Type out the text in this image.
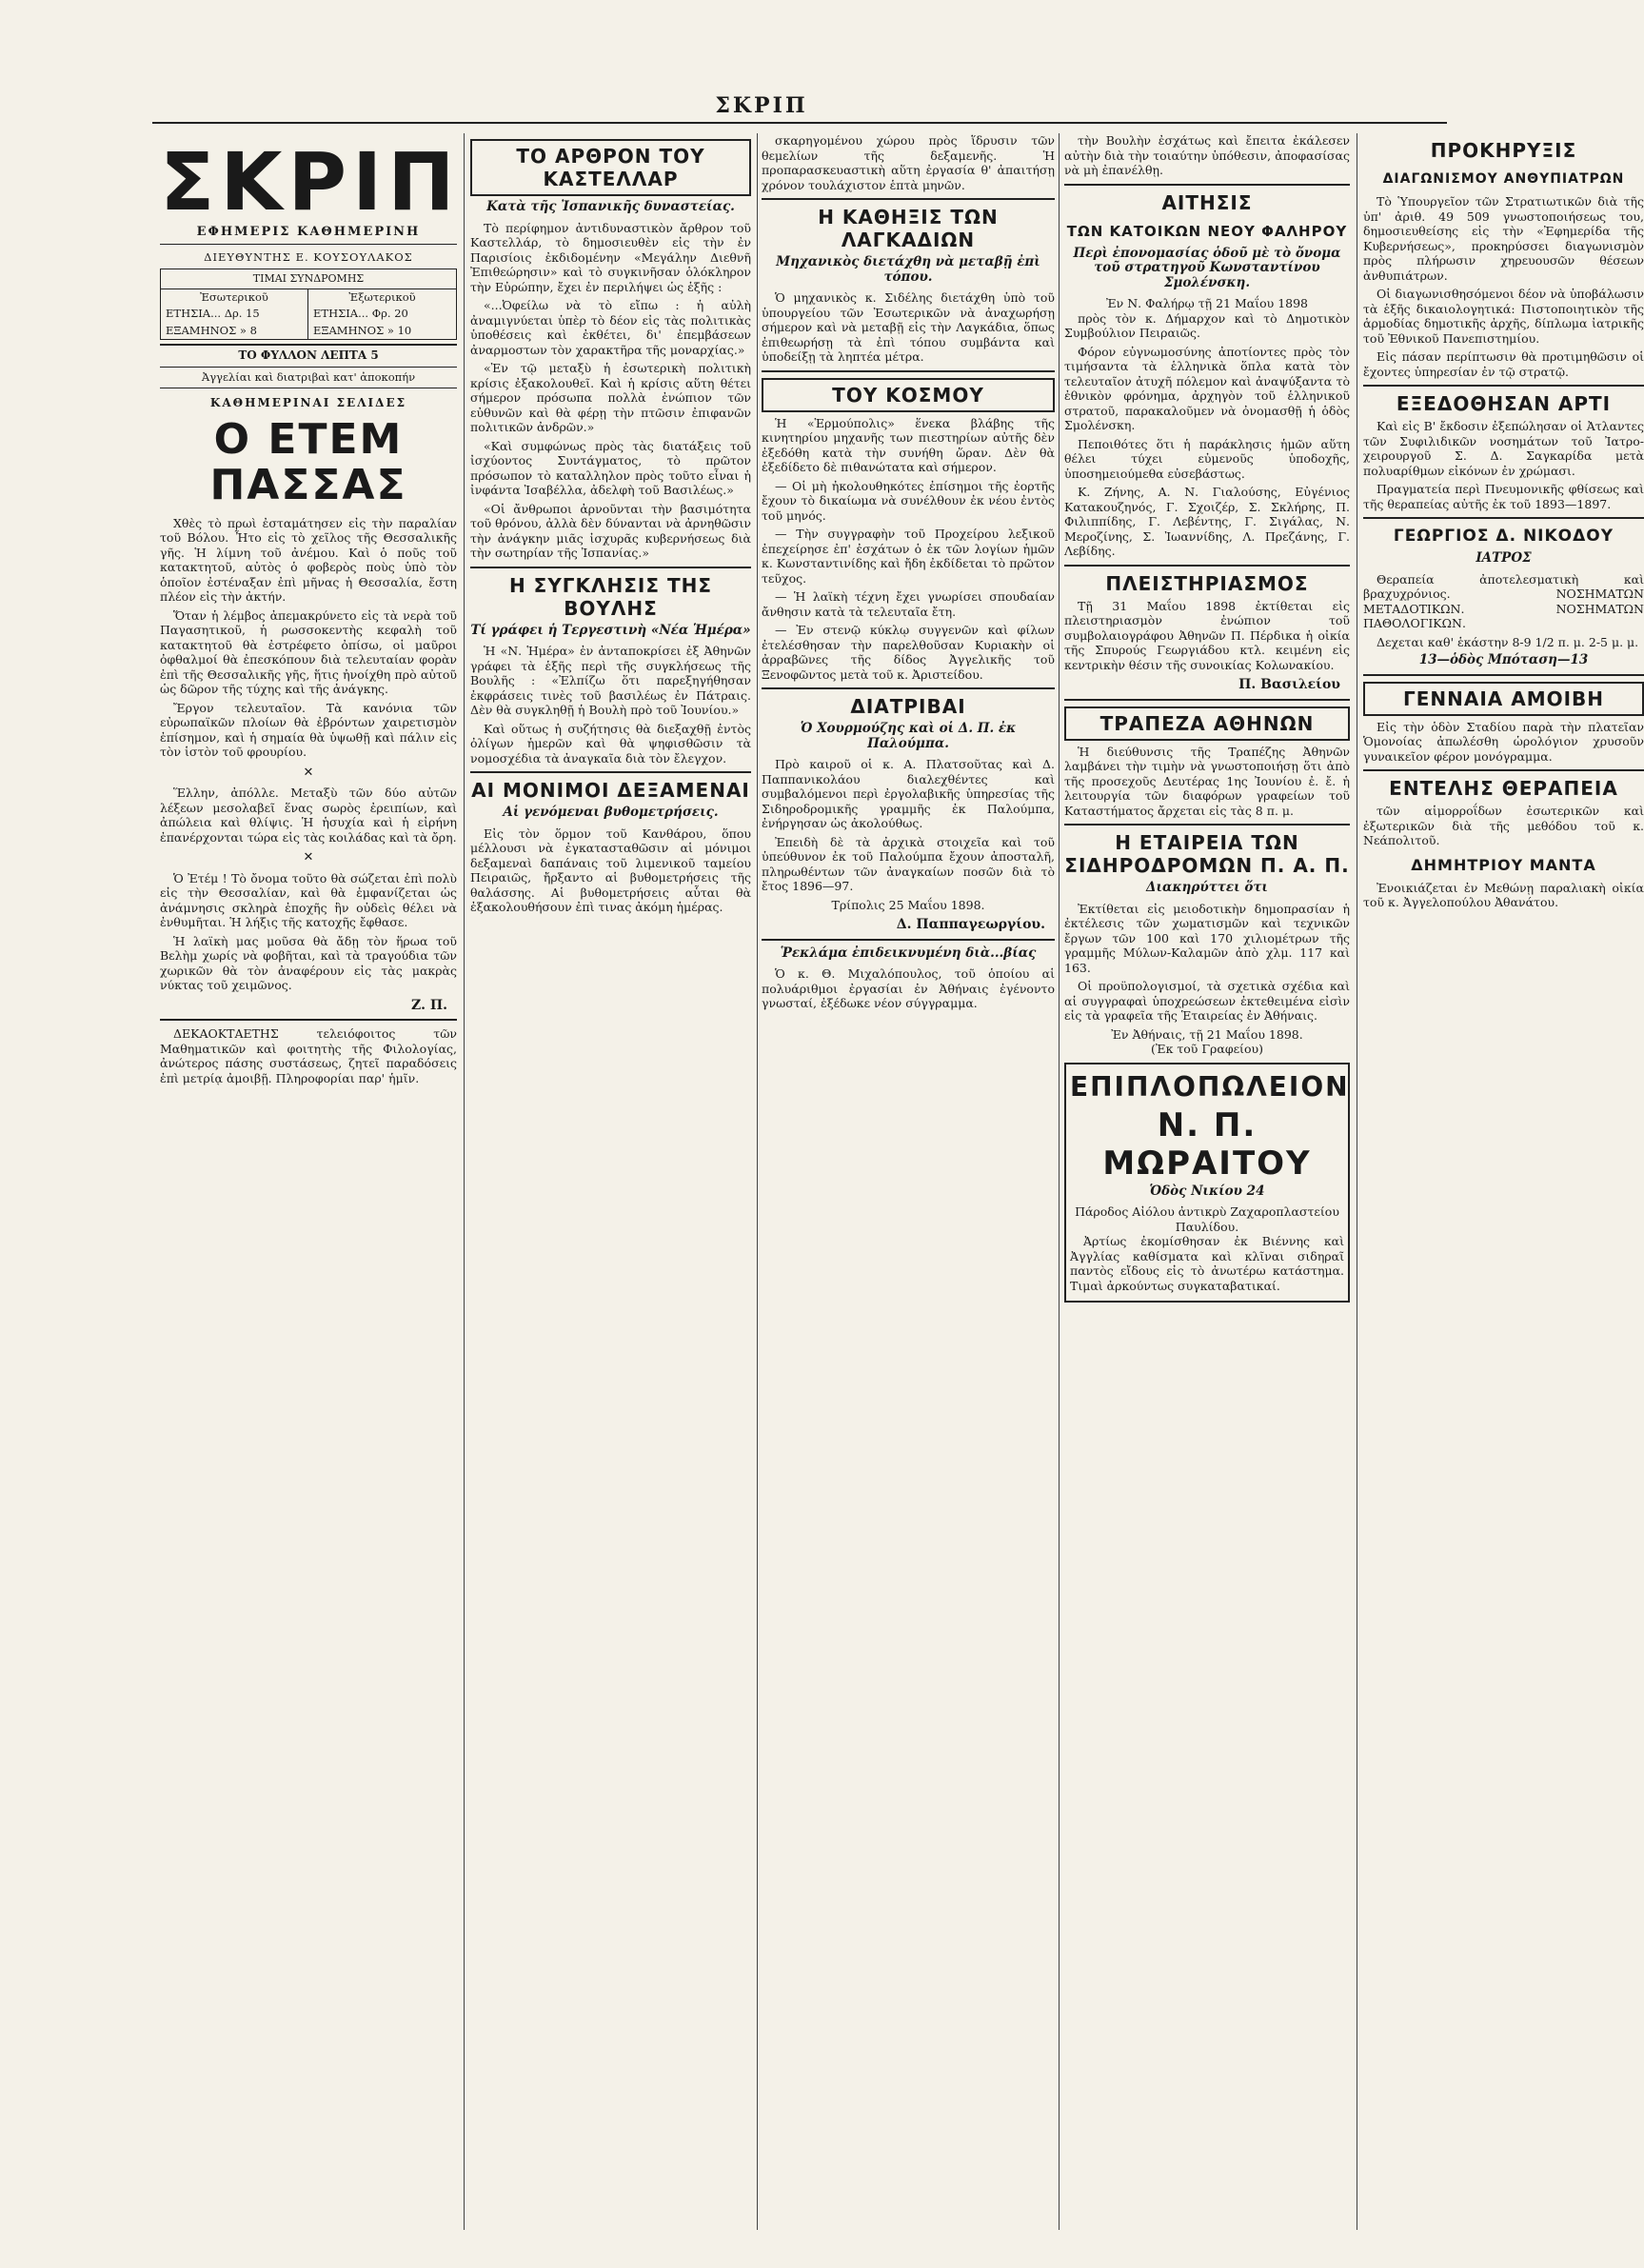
ΣΚΡΙΠ
ΣΚΡΙΠ
ΕΦΗΜΕΡΙΣ ΚΑΘΗΜΕΡΙΝΗ
ΔΙΕΥΘΥΝΤΗΣ Ε. ΚΟΥΣΟΥΛΑΚΟΣ
ΤΙΜΑΙ ΣΥΝΔΡΟΜΗΣ
Ἐσωτερικοῦ	Ἐξωτερικοῦ
ΕΤΗΣΙΑ... Δρ. 15	ΕΤΗΣΙΑ... Φρ. 20
ΕΞΑΜΗΝΟΣ » 8	ΕΞΑΜΗΝΟΣ » 10
ΤΟ ΦΥΛΛΟΝ ΛΕΠΤΑ 5
Ἀγγελίαι καὶ διατριβαὶ κατ' ἀποκοπήν
ΚΑΘΗΜΕΡΙΝΑΙ ΣΕΛΙΔΕΣ
Ο ΕΤΕΜ ΠΑΣΣΑΣ

Χθὲς τὸ πρωὶ ἐσταμάτησεν εἰς τὴν παραλίαν τοῦ Βόλου. Ἦτο εἰς τὸ χεῖλος τῆς Θεσσαλικῆς γῆς. Ἡ λίμνη τοῦ ἀνέμου. Καὶ ὁ ποῦς τοῦ κατακτητοῦ, αὐτὸς ὁ φοβερὸς ποὺς ὑπὸ τὸν ὁποῖον ἐστέναξαν ἐπὶ μῆνας ἡ Θεσσαλία, ἔστη πλέον εἰς τὴν ἀκτήν.

Ὅταν ἡ λέμβος ἀπεμακρύνετο εἰς τὰ νερὰ τοῦ Παγασητικοῦ, ἡ ρωσσοκεντὴς κεφαλὴ τοῦ κατακτητοῦ θὰ ἐστρέφετο ὀπίσω, οἱ μαῦροι ὀφθαλμοί θὰ ἐπεσκόπουν διὰ τελευταίαν φορὰν ἐπὶ τῆς Θεσσαλικῆς γῆς, ἥτις ἠνοίχθη πρὸ αὐτοῦ ὡς δῶρον τῆς τύχης καὶ τῆς ἀνάγκης.

Ἔργον τελευταῖον. Τὰ κανόνια τῶν εὐρωπαϊκῶν πλοίων θὰ ἐβρόντων χαιρετισμὸν ἐπίσημον, καὶ ἡ σημαία θὰ ὑψωθῇ καὶ πάλιν εἰς τὸν ἱστὸν τοῦ φρουρίου.

✕

Ἕλλην, ἀπόλλε. Μεταξὺ τῶν δύο αὐτῶν λέξεων μεσολαβεῖ ἕνας σωρὸς ἐρειπίων, καὶ ἀπώλεια καὶ θλίψις. Ἡ ἡσυχία καὶ ἡ εἰρήνη ἐπανέρχονται τώρα εἰς τὰς κοιλάδας καὶ τὰ ὄρη.

✕

Ὁ Ἐτέμ ! Τὸ ὄνομα τοῦτο θὰ σώζεται ἐπὶ πολὺ εἰς τὴν Θεσσαλίαν, καὶ θὰ ἐμφανίζεται ὡς ἀνάμνησις σκληρὰ ἐποχῆς ἣν οὐδεὶς θέλει νὰ ἐνθυμῆται. Ἡ λήξις τῆς κατοχῆς ἔφθασε.

Ἡ λαϊκὴ μας μοῦσα θὰ ἄδῃ τὸν ἥρωα τοῦ Βελὴμ χωρίς νὰ φοβῆται, καὶ τὰ τραγούδια τῶν χωρικῶν θὰ τὸν ἀναφέρουν εἰς τὰς μακρὰς νύκτας τοῦ χειμῶνος.

Ζ. Π.

ΔΕΚΑΟΚΤΑΕΤΗΣ τελειόφοιτος τῶν Μαθηματικῶν καὶ φοιτητὴς τῆς Φιλολογίας, ἀνώτερος πάσης συστάσεως, ζητεῖ παραδόσεις ἐπὶ μετρίᾳ ἀμοιβῇ. Πληροφορίαι παρ' ἡμῖν.

ΤΟ ΑΡΘΡΟΝ ΤΟΥ ΚΑΣΤΕΛΛΑΡ
Κατὰ τῆς Ἰσπανικῆς δυναστείας.

Τὸ περίφημον ἀντιδυναστικὸν ἄρθρον τοῦ Καστελλάρ, τὸ δημοσιευθὲν εἰς τὴν ἐν Παρισίοις ἐκδιδομένην «Μεγάλην Διεθνῆ Ἐπιθεώρησιν» καὶ τὸ συγκινῆσαν ὁλόκληρον τὴν Εὐρώπην, ἔχει ἐν περιλήψει ὡς ἑξῆς :

«...Ὀφείλω νὰ τὸ εἴπω : ἡ αὐλὴ ἀναμιγνύεται ὑπὲρ τὸ δέον εἰς τὰς πολιτικὰς ὑποθέσεις καὶ ἐκθέτει, δι' ἐπεμβάσεων ἀναρμοστων τὸν χαρακτῆρα τῆς μοναρχίας.»

«Ἐν τῷ μεταξὺ ἡ ἐσωτερικὴ πολιτικὴ κρίσις ἐξακολουθεῖ. Καὶ ἡ κρίσις αὕτη θέτει σήμερον πρόσωπα πολλὰ ἐνώπιον τῶν εὐθυνῶν καὶ θὰ φέρῃ τὴν πτῶσιν ἐπιφανῶν πολιτικῶν ἀνδρῶν.»

«Καὶ συμφώνως πρὸς τὰς διατάξεις τοῦ ἰσχύοντος Συντάγματος, τὸ πρῶτον πρόσωπον τὸ καταλληλον πρὸς τοῦτο εἶναι ἡ ἰνφάντα Ἰσαβέλλα, ἀδελφὴ τοῦ Βασιλέως.»

«Οἱ ἄνθρωποι ἀρνοῦνται τὴν βασιμότητα τοῦ θρόνου, ἀλλὰ δὲν δύνανται νὰ ἀρνηθῶσιν τὴν ἀνάγκην μιᾶς ἰσχυρᾶς κυβερνήσεως διὰ τὴν σωτηρίαν τῆς Ἰσπανίας.»

Η ΣΥΓΚΛΗΣΙΣ ΤΗΣ ΒΟΥΛΗΣ
Τί γράφει ἡ Τεργεστινὴ «Νέα Ἡμέρα»

Ἡ «Ν. Ἡμέρα» ἐν ἀνταποκρίσει ἐξ Ἀθηνῶν γράφει τὰ ἑξῆς περὶ τῆς συγκλήσεως τῆς Βουλῆς : «Ἐλπίζω ὅτι παρεξηγήθησαν ἐκφράσεις τινὲς τοῦ βασιλέως ἐν Πάτραις. Δὲν θὰ συγκληθῇ ἡ Βουλὴ πρὸ τοῦ Ἰουνίου.»

Καὶ οὕτως ἡ συζήτησις θὰ διεξαχθῇ ἐντὸς ὀλίγων ἡμερῶν καὶ θὰ ψηφισθῶσιν τὰ νομοσχέδια τὰ ἀναγκαῖα διὰ τὸν ἔλεγχον.

ΑΙ ΜΟΝΙΜΟΙ ΔΕΞΑΜΕΝΑΙ
Αἱ γενόμεναι βυθομετρήσεις.

Εἰς τὸν ὅρμον τοῦ Κανθάρου, ὅπου μέλλουσι νὰ ἐγκατασταθῶσιν αἱ μόνιμοι δεξαμεναὶ δαπάναις τοῦ λιμενικοῦ ταμείου Πειραιῶς, ἤρξαντο αἱ βυθομετρήσεις τῆς θαλάσσης. Αἱ βυθομετρήσεις αὗται θὰ ἐξακολουθήσουν ἐπὶ τινας ἀκόμη ἡμέρας.

σκαρηγομένου χώρου πρὸς ἵδρυσιν τῶν θεμελίων τῆς δεξαμενῆς. Ἡ προπαρασκευαστικὴ αὕτη ἐργασία θ' ἀπαιτήσῃ χρόνον τουλάχιστον ἑπτὰ μηνῶν.

Η ΚΑΘΗΞΙΣ ΤΩΝ ΛΑΓΚΑΔΙΩΝ
Μηχανικὸς διετάχθη νὰ μεταβῇ ἐπὶ τόπου.

Ὁ μηχανικὸς κ. Σιδέλης διετάχθη ὑπὸ τοῦ ὑπουργείου τῶν Ἐσωτερικῶν νὰ ἀναχωρήσῃ σήμερον καὶ νὰ μεταβῇ εἰς τὴν Λαγκάδια, ὅπως ἐπιθεωρήσῃ τὰ ἐπὶ τόπου συμβάντα καὶ ὑποδείξῃ τὰ ληπτέα μέτρα.

ΤΟΥ ΚΟΣΜΟΥ

Ἡ «Ἑρμούπολις» ἕνεκα βλάβης τῆς κινητηρίου μηχανῆς των πιεστηρίων αὐτῆς δὲν ἐξεδόθη κατὰ τὴν συνήθη ὥραν. Δὲν θὰ ἐξεδίδετο δὲ πιθανώτατα καὶ σήμερον.

— Οἱ μὴ ἠκολουθηκότες ἐπίσημοι τῆς ἐορτῆς ἔχουν τὸ δικαίωμα νὰ συνέλθουν ἐκ νέου ἐντὸς τοῦ μηνός.

— Τὴν συγγραφὴν τοῦ Προχείρου λεξικοῦ ἐπεχείρησε ἐπ' ἐσχάτων ὁ ἐκ τῶν λογίων ἡμῶν κ. Κωνσταντινίδης καὶ ἤδη ἐκδίδεται τὸ πρῶτον τεῦχος.

— Ἡ λαϊκὴ τέχνη ἔχει γνωρίσει σπουδαίαν ἄνθησιν κατὰ τὰ τελευταῖα ἔτη.

— Ἐν στενῷ κύκλῳ συγγενῶν καὶ φίλων ἐτελέσθησαν τὴν παρελθοῦσαν Κυριακὴν οἱ ἀρραβῶνες τῆς δίδος Ἀγγελικῆς τοῦ Ξενοφῶντος μετὰ τοῦ κ. Ἀριστείδου.

ΔΙΑΤΡΙΒΑΙ
Ὁ Χουρμούζης καὶ οἱ Δ. Π. ἐκ Παλούμπα.

Πρὸ καιροῦ οἱ κ. Α. Πλατσοῦτας καὶ Δ. Παππανικολάου διαλεχθέντες καὶ συμβαλόμενοι περὶ ἐργολαβικῆς ὑπηρεσίας τῆς Σιδηροδρομικῆς γραμμῆς ἐκ Παλούμπα, ἐνήργησαν ὡς ἀκολούθως.

Ἐπειδὴ δὲ τὰ ἀρχικὰ στοιχεῖα καὶ τοῦ ὑπεύθυνον ἐκ τοῦ Παλούμπα ἔχουν ἀποσταλῆ, πληρωθέντων τῶν ἀναγκαίων ποσῶν διὰ τὸ ἔτος 1896—97.

Τρίπολις 25 Μαΐου 1898.
Δ. Παππαγεωργίου.
Ῥεκλάμα ἐπιδεικνυμένη διὰ...βίας

Ὁ κ. Θ. Μιχαλόπουλος, τοῦ ὁποίου αἱ πολυάριθμοι ἐργασίαι ἐν Ἀθήναις ἐγένοντο γνωσταί, ἐξέδωκε νέον σύγγραμμα.

τὴν Βουλὴν ἐσχάτως καὶ ἔπειτα ἐκάλεσεν αὐτὴν διὰ τὴν τοιαύτην ὑπόθεσιν, ἀποφασίσας νὰ μὴ ἐπανέλθῃ.

ΑΙΤΗΣΙΣ
ΤΩΝ ΚΑΤΟΙΚΩΝ ΝΕΟΥ ΦΑΛΗΡΟΥ
Περὶ ἐπονομασίας ὁδοῦ μὲ τὸ ὄνομα τοῦ στρατηγοῦ Κωνσταντίνου Σμολένσκη.
Ἐν Ν. Φαλήρῳ τῇ 21 Μαΐου 1898

πρὸς τὸν κ. Δήμαρχον καὶ τὸ Δημοτικὸν Συμβούλιον Πειραιῶς.

Φόρον εὐγνωμοσύνης ἀποτίοντες πρὸς τὸν τιμήσαντα τὰ ἑλληνικὰ ὅπλα κατὰ τὸν τελευταῖον ἀτυχῆ πόλεμον καὶ ἀναψύξαντα τὸ ἐθνικὸν φρόνημα, ἀρχηγὸν τοῦ ἑλληνικοῦ στρατοῦ, παρακαλοῦμεν νὰ ὀνομασθῇ ἡ ὁδὸς Σμολένσκη.

Πεποιθότες ὅτι ἡ παράκλησις ἡμῶν αὕτη θέλει τύχει εὐμενοῦς ὑποδοχῆς, ὑποσημειούμεθα εὐσεβάστως.

Κ. Ζήνης, Α. Ν. Γιαλούσης, Εὐγένιος Κατακουζηνός, Γ. Σχοιζέρ, Σ. Σκλήρης, Π. Φιλιππίδης, Γ. Λεβέντης, Γ. Σιγάλας, Ν. Μεροζίνης, Σ. Ἰωαννίδης, Λ. Πρεζάνης, Γ. Λεβίδης.

ΠΛΕΙΣΤΗΡΙΑΣΜΟΣ

Τῇ 31 Μαΐου 1898 ἐκτίθεται εἰς πλειστηριασμὸν ἐνώπιον τοῦ συμβολαιογράφου Ἀθηνῶν Π. Πέρδικα ἡ οἰκία τῆς Σπυρούς Γεωργιάδου κτλ. κειμένη εἰς κεντρικὴν θέσιν τῆς συνοικίας Κολωνακίου.

Π. Βασιλείου
ΤΡΑΠΕΖΑ ΑΘΗΝΩΝ

Ἡ διεύθυνσις τῆς Τραπέζης Ἀθηνῶν λαμβάνει τὴν τιμὴν νὰ γνωστοποιήσῃ ὅτι ἀπὸ τῆς προσεχοῦς Δευτέρας 1ης Ἰουνίου ἐ. ἔ. ἡ λειτουργία τῶν διαφόρων γραφείων τοῦ Καταστήματος ἄρχεται εἰς τὰς 8 π. μ.

Η ΕΤΑΙΡΕΙΑ ΤΩΝ ΣΙΔΗΡΟΔΡΟΜΩΝ Π. Α. Π.
Διακηρύττει ὅτι

Ἐκτίθεται εἰς μειοδοτικὴν δημοπρασίαν ἡ ἐκτέλεσις τῶν χωματισμῶν καὶ τεχνικῶν ἔργων τῶν 100 καὶ 170 χιλιομέτρων τῆς γραμμῆς Μύλων-Καλαμῶν ἀπὸ χλμ. 117 καὶ 163.

Οἱ προϋπολογισμοί, τὰ σχετικὰ σχέδια καὶ αἱ συγγραφαὶ ὑποχρεώσεων ἐκτεθειμένα εἰσὶν εἰς τὰ γραφεῖα τῆς Ἑταιρείας ἐν Ἀθήναις.

Ἐν Ἀθήναις, τῇ 21 Μαΐου 1898.
(Ἐκ τοῦ Γραφείου)
ΕΠΙΠΛΟΠΩΛΕΙΟΝ
Ν. Π. ΜΩΡΑΙΤΟΥ
Ὁδὸς Νικίου 24
Πάροδος Αἰόλου ἀντικρὺ Ζαχαροπλαστείου Παυλίδου.

Ἀρτίως ἐκομίσθησαν ἐκ Βιέννης καὶ Ἀγγλίας καθίσματα καὶ κλῖναι σιδηραῖ παντὸς εἴδους εἰς τὸ ἀνωτέρω κατάστημα. Τιμαὶ ἀρκούντως συγκαταβατικαί.

ΠΡΟΚΗΡΥΞΙΣ
ΔΙΑΓΩΝΙΣΜΟΥ ΑΝΘΥΠΙΑΤΡΩΝ

Τὸ Ὑπουργεῖον τῶν Στρατιωτικῶν διὰ τῆς ὑπ' ἀριθ. 49 509 γνωστοποιήσεως του, δημοσιευθείσης εἰς τὴν «Ἐφημερίδα τῆς Κυβερνήσεως», προκηρύσσει διαγωνισμὸν πρὸς πλήρωσιν χηρευουσῶν θέσεων ἀνθυπιάτρων.

Οἱ διαγωνισθησόμενοι δέον νὰ ὑποβάλωσιν τὰ ἑξῆς δικαιολογητικά: Πιστοποιητικὸν τῆς ἁρμοδίας δημοτικῆς ἀρχῆς, δίπλωμα ἰατρικῆς τοῦ Ἐθνικοῦ Πανεπιστημίου.

Εἰς πάσαν περίπτωσιν θὰ προτιμηθῶσιν οἱ ἔχοντες ὑπηρεσίαν ἐν τῷ στρατῷ.

ΕΞΕΔΟΘΗΣΑΝ ΑΡΤΙ

Καὶ εἰς Β' ἔκδοσιν ἐξεπώλησαν οἱ Ἀτλαντες τῶν Συφιλιδικῶν νοσημάτων τοῦ Ἰατρο-χειρουργοῦ Σ. Δ. Σαγκαρίδα μετὰ πολυαρίθμων εἰκόνων ἐν χρώμασι.

Πραγματεία περὶ Πνευμονικῆς φθίσεως καὶ τῆς θεραπείας αὐτῆς ἐκ τοῦ 1893—1897.

ΓΕΩΡΓΙΟΣ Δ. ΝΙΚΟΔΟΥ
ΙΑΤΡΟΣ

Θεραπεία ἀποτελεσματικὴ καὶ βραχυχρόνιος. ΝΟΣΗΜΑΤΩΝ ΜΕΤΑΔΟΤΙΚΩΝ. ΝΟΣΗΜΑΤΩΝ ΠΑΘΟΛΟΓΙΚΩΝ.

Δεχεται καθ' ἑκάστην 8-9 1/2 π. μ. 2-5 μ. μ.

13—ὁδὸς Μπόταση—13
ΓΕΝΝΑΙΑ ΑΜΟΙΒΗ

Εἰς τὴν ὁδὸν Σταδίου παρὰ τὴν πλατεῖαν Ὁμονοίας ἀπωλέσθη ὡρολόγιον χρυσοῦν γυναικεῖον φέρον μονόγραμμα.

ΕΝΤΕΛΗΣ ΘΕΡΑΠΕΙΑ

τῶν αἱμορροΐδων ἐσωτερικῶν καὶ ἐξωτερικῶν διὰ τῆς μεθόδου τοῦ κ. Νεάπολιτοῦ.

ΔΗΜΗΤΡΙΟΥ ΜΑΝΤΑ

Ἐνοικιάζεται ἐν Μεθώνῃ παραλιακὴ οἰκία τοῦ κ. Ἀγγελοπούλου Ἀθανάτου.
